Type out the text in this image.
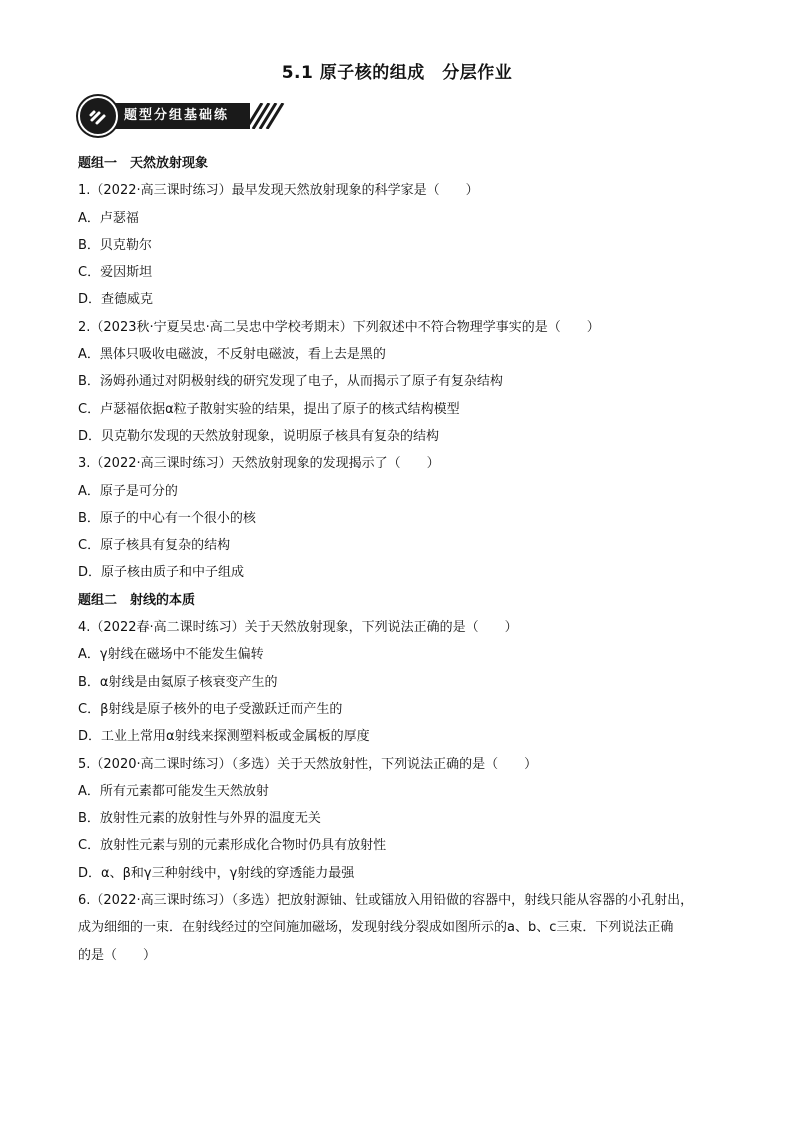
5.1 原子核的组成　分层作业
题型分组基础练
题组一　天然放射现象
1.（2022·高三课时练习）最早发现天然放射现象的科学家是（　　）
A．卢瑟福
B．贝克勒尔
C．爱因斯坦
D．查德威克
2.（2023秋·宁夏吴忠·高二吴忠中学校考期末）下列叙述中不符合物理学事实的是（　　）
A．黑体只吸收电磁波，不反射电磁波，看上去是黑的
B．汤姆孙通过对阴极射线的研究发现了电子，从而揭示了原子有复杂结构
C．卢瑟福依据α粒子散射实验的结果，提出了原子的核式结构模型
D．贝克勒尔发现的天然放射现象，说明原子核具有复杂的结构
3.（2022·高三课时练习）天然放射现象的发现揭示了（　　）
A．原子是可分的
B．原子的中心有一个很小的核
C．原子核具有复杂的结构
D．原子核由质子和中子组成
题组二　射线的本质
4.（2022春·高二课时练习）关于天然放射现象，下列说法正确的是（　　）
A．γ射线在磁场中不能发生偏转
B．α射线是由氦原子核衰变产生的
C．β射线是原子核外的电子受激跃迁而产生的
D．工业上常用α射线来探测塑料板或金属板的厚度
5.（2020·高二课时练习）（多选）关于天然放射性，下列说法正确的是（　　）
A．所有元素都可能发生天然放射
B．放射性元素的放射性与外界的温度无关
C．放射性元素与别的元素形成化合物时仍具有放射性
D．α、β和γ三种射线中，γ射线的穿透能力最强
6.（2022·高三课时练习）（多选）把放射源铀、钍或镭放入用铅做的容器中，射线只能从容器的小孔射出，
成为细细的一束．在射线经过的空间施加磁场，发现射线分裂成如图所示的a、b、c三束．下列说法正确
的是（　　）
